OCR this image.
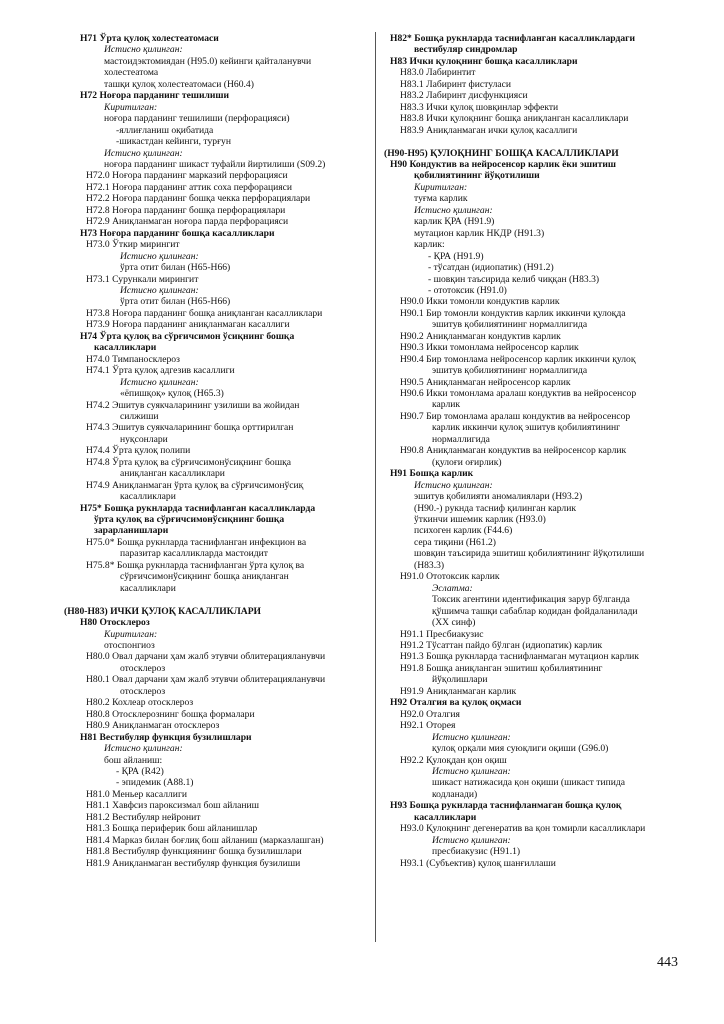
H71 Ўрта қулоқ холестеатомаси
Истисно қилинган:
мастоидэктомиядан (H95.0) кейинги қайталанувчи
холестеатома
ташқи қулоқ холестеатомаси (H60.4)
H72 Ноғора парданинг тешилиши
Киритилган:
ноғора парданинг тешилиши (перфорацияси)
-яллиғланиш оқибатида
-шикастдан кейинги, турғун
Истисно қилинган:
ноғора парданинг шикаст туфайли йиртилиши (S09.2)
H72.0 Ноғора парданинг марказий перфорацияси
H72.1 Ноғора парданинг аттик соха перфорацияси
H72.2 Ноғора парданинг бошқа чекка перфорациялари
H72.8 Ноғора парданинг бошқа перфорациялари
H72.9 Аниқланмаган ноғора парда перфорацияси
H73 Ноғора парданинг бошқа касалликлари
H73.0 Ўткир мирингит
Истисно қилинган:
ўрта отит билан (H65-H66)
H73.1 Сурункали мирингит
Истисно қилинган:
ўрта отит билан (H65-H66)
H73.8 Ноғора парданинг бошқа аниқланган касалликлари
H73.9 Ноғора парданинг аниқланмаган касаллиги
H74 Ўрта қулоқ ва сўрғичсимон ўсиқнинг бошқа
касалликлари
H74.0 Тимпаносклероз
H74.1 Ўрта қулоқ адгезив касаллиги
Истисно қилинган:
«ёпишқоқ» қулоқ (H65.3)
H74.2 Эшитув суякчаларининг узилиши ва жойидан
силжиши
H74.3 Эшитув суякчаларининг бошқа орттирилган
нуқсонлари
H74.4 Ўрта қулоқ полипи
H74.8 Ўрта қулоқ ва сўрғичсимонўсиқнинг бошқа
аниқланган касалликлари
H74.9 Аниқланмаган ўрта қулоқ ва сўрғичсимонўсиқ
касалликлари
H75* Бошқа рукнларда таснифланган касалликларда
ўрта қулоқ ва сўрғичсимонўсиқнинг бошқа
зарарланишлари
H75.0* Бошқа рукнларда таснифланган инфекцион ва
паразитар касалликларда мастоидит
H75.8* Бошқа рукнларда таснифланган ўрта қулоқ ва
сўрғичсимонўсиқнинг бошқа аниқланган
касалликлари
(H80-H83) ИЧКИ ҚУЛОҚ КАСАЛЛИКЛАРИ
H80 Отосклероз
Киритилган:
отоспонгиоз
H80.0 Овал дарчани ҳам жалб этувчи облитерацияланувчи
отосклероз
H80.1 Овал дарчани ҳам жалб этувчи облитерацияланувчи
отосклероз
H80.2 Кохлеар отосклероз
H80.8 Отосклерознинг бошқа формалари
H80.9 Аниқланмаган отосклероз
H81 Вестибуляр функция бузилишлари
Истисно қилинган:
бош айланиш:
- ҚРА (R42)
- эпидемик (A88.1)
H81.0 Меньер касаллиги
H81.1 Хавфсиз пароксизмал бош айланиш
H81.2 Вестибуляр нейронит
H81.3 Бошқа периферик бош айланишлар
H81.4 Марказ билан боғлиқ бош айланиш (марказлашган)
H81.8 Вестибуляр функциянинг бошқа бузилишлари
H81.9 Аниқланмаган вестибуляр функция бузилиши
H82* Бошқа рукнларда таснифланган касалликлардаги
вестибуляр синдромлар
H83 Ички қулоқнинг бошқа касалликлари
H83.0 Лабиринтит
H83.1 Лабиринт фистуласи
H83.2 Лабиринт дисфункцияси
H83.3 Ички қулоқ шовқинлар эффекти
H83.8 Ички қулоқнинг бошқа аниқланган касалликлари
H83.9 Аниқланмаган ички қулоқ касаллиги
(H90-H95) ҚУЛОҚНИНГ БОШҚА КАСАЛЛИКЛАРИ
H90 Кондуктив ва нейросенсор карлик ёки эшитиш
қобилиятининг йўқотилиши
Киритилган:
туғма карлик
Истисно қилинган:
карлик ҚРА (H91.9)
мутацион карлик НКДР (H91.3)
карлик:
- ҚРА (H91.9)
- тўсатдан (идиопатик) (H91.2)
- шовқин таъсирида келиб чиққан (H83.3)
- ототоксик (H91.0)
H90.0 Икки томонли кондуктив карлик
H90.1 Бир томонли кондуктив карлик иккинчи қулоқда
эшитув қобилиятининг нормаллигида
H90.2 Аниқланмаган кондуктив карлик
H90.3 Икки томонлама нейросенсор карлик
H90.4 Бир томонлама нейросенсор карлик иккинчи қулоқ
эшитув қобилиятининг нормаллигида
H90.5 Аниқланмаган нейросенсор карлик
H90.6 Икки томонлама аралаш кондуктив ва нейросенсор
карлик
H90.7 Бир томонлама аралаш кондуктив ва нейросенсор
карлик иккинчи қулоқ эшитув қобилиятининг
нормаллигида
H90.8 Аниқланмаган кондуктив ва нейросенсор карлик
(қулоғи оғирлик)
H91 Бошқа карлик
Истисно қилинган:
эшитув қобилияти аномалиялари (H93.2)
(H90.-) рукнда тасниф қилинган карлик
ўткинчи ишемик карлик (H93.0)
психоген карлик (F44.6)
сера тиқини (H61.2)
шовқин таъсирида эшитиш қобилиятининг йўқотилиши
(H83.3)
H91.0 Ототоксик карлик
Эслатма:
Токсик агентини идентификация зарур бўлганда
қўшимча ташқи сабаблар кодидан фойдаланилади
(XX синф)
H91.1 Пресбиакузис
H91.2 Тўсаттан пайдо бўлган (идиопатик) карлик
H91.3 Бошқа рукнларда таснифланмаган мутацион карлик
H91.8 Бошқа аниқланган эшитиш қобилиятининг
йўқолишлари
H91.9 Аниқланмаган карлик
H92 Оталгия ва қулоқ оқмаси
H92.0 Оталгия
H92.1 Оторея
Истисно қилинган:
қулоқ орқали мия суюқлиги оқиши (G96.0)
H92.2 Қулоқдан қон оқиш
Истисно қилинган:
шикаст натижасида қон оқиши (шикаст типида
кодланади)
H93 Бошқа рукнларда таснифланмаган бошқа қулоқ
касалликлари
H93.0 Қулоқнинг дегенератив ва қон томирли касалликлари
Истисно қилинган:
пресбиакузис (H91.1)
H93.1 (Субъектив) қулоқ шанғиллаши
443
